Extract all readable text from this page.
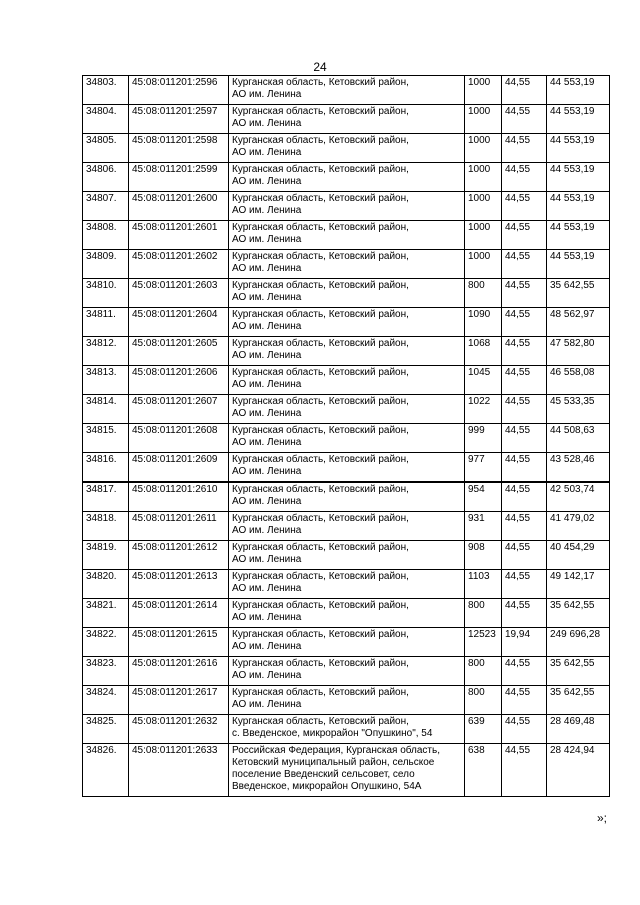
24
34803.	45:08:011201:2596	Курганская область, Кетовский район,
АО им. Ленина	1000	44,55	44 553,19
34804.	45:08:011201:2597	Курганская область, Кетовский район,
АО им. Ленина	1000	44,55	44 553,19
34805.	45:08:011201:2598	Курганская область, Кетовский район,
АО им. Ленина	1000	44,55	44 553,19
34806.	45:08:011201:2599	Курганская область, Кетовский район,
АО им. Ленина	1000	44,55	44 553,19
34807.	45:08:011201:2600	Курганская область, Кетовский район,
АО им. Ленина	1000	44,55	44 553,19
34808.	45:08:011201:2601	Курганская область, Кетовский район,
АО им. Ленина	1000	44,55	44 553,19
34809.	45:08:011201:2602	Курганская область, Кетовский район,
АО им. Ленина	1000	44,55	44 553,19
34810.	45:08:011201:2603	Курганская область, Кетовский район,
АО им. Ленина	800	44,55	35 642,55
34811.	45:08:011201:2604	Курганская область, Кетовский район,
АО им. Ленина	1090	44,55	48 562,97
34812.	45:08:011201:2605	Курганская область, Кетовский район,
АО им. Ленина	1068	44,55	47 582,80
34813.	45:08:011201:2606	Курганская область, Кетовский район,
АО им. Ленина	1045	44,55	46 558,08
34814.	45:08:011201:2607	Курганская область, Кетовский район,
АО им. Ленина	1022	44,55	45 533,35
34815.	45:08:011201:2608	Курганская область, Кетовский район,
АО им. Ленина	999	44,55	44 508,63
34816.	45:08:011201:2609	Курганская область, Кетовский район,
АО им. Ленина	977	44,55	43 528,46
34817.	45:08:011201:2610	Курганская область, Кетовский район,
АО им. Ленина	954	44,55	42 503,74
34818.	45:08:011201:2611	Курганская область, Кетовский район,
АО им. Ленина	931	44,55	41 479,02
34819.	45:08:011201:2612	Курганская область, Кетовский район,
АО им. Ленина	908	44,55	40 454,29
34820.	45:08:011201:2613	Курганская область, Кетовский район,
АО им. Ленина	1103	44,55	49 142,17
34821.	45:08:011201:2614	Курганская область, Кетовский район,
АО им. Ленина	800	44,55	35 642,55
34822.	45:08:011201:2615	Курганская область, Кетовский район,
АО им. Ленина	12523	19,94	249 696,28
34823.	45:08:011201:2616	Курганская область, Кетовский район,
АО им. Ленина	800	44,55	35 642,55
34824.	45:08:011201:2617	Курганская область, Кетовский район,
АО им. Ленина	800	44,55	35 642,55
34825.	45:08:011201:2632	Курганская область, Кетовский район,
с. Введенское, микрорайон "Опушкино", 54	639	44,55	28 469,48
34826.	45:08:011201:2633	Российская Федерация, Курганская область,
Кетовский муниципальный район, сельское
поселение Введенский сельсовет, село
Введенское, микрорайон Опушкино, 54А	638	44,55	28 424,94
»;
